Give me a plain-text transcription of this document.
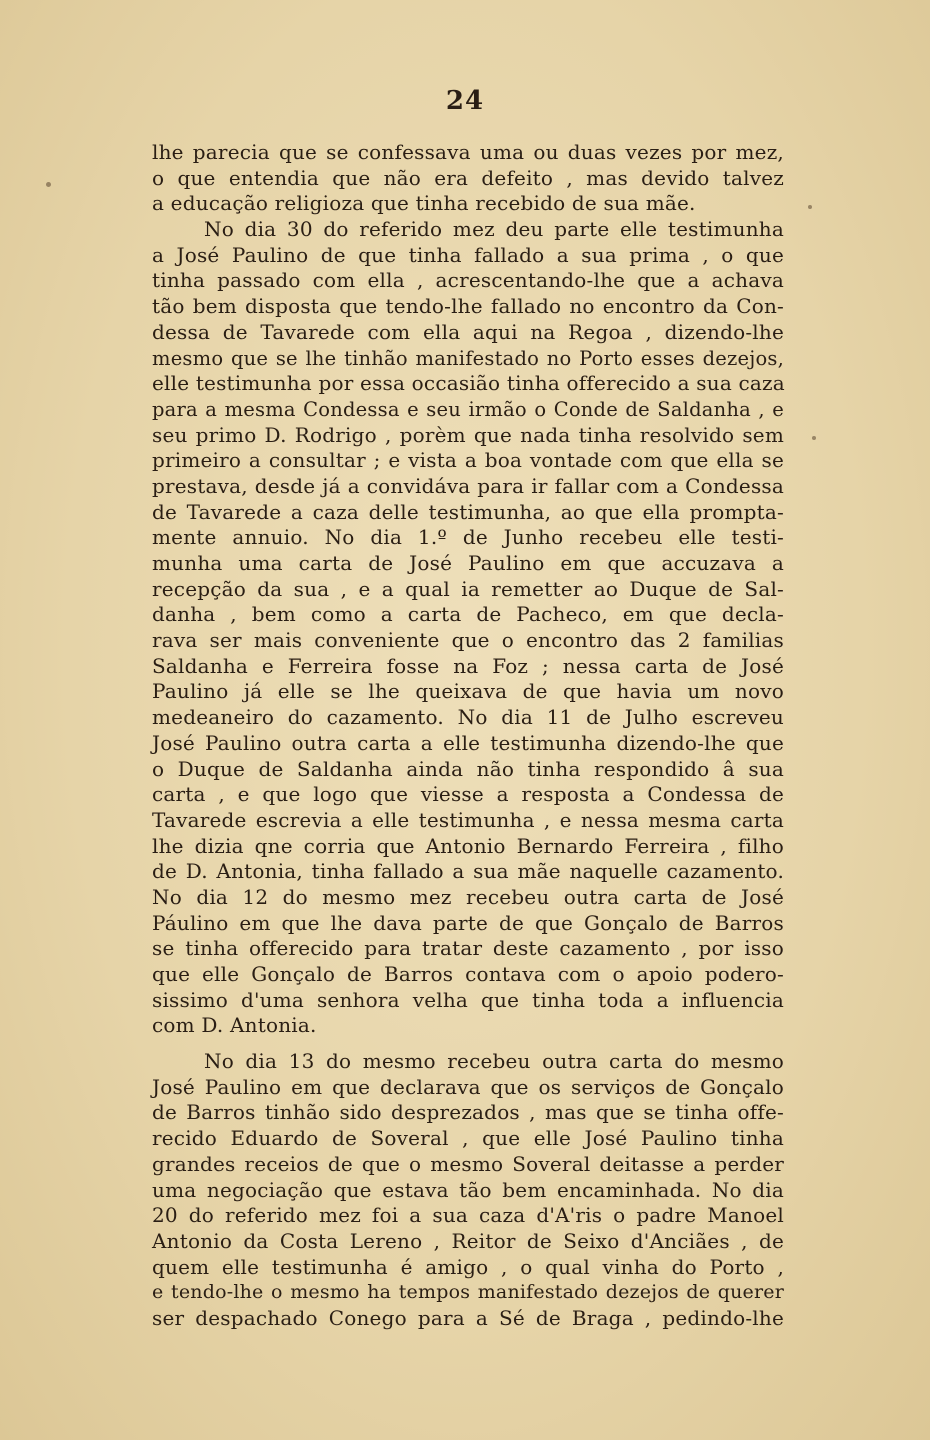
24
lhe parecia que se confessava uma ou duas vezes por mez,
o que entendia que não era defeito , mas devido talvez
a educação religioza que tinha recebido de sua mãe.
No dia 30 do referido mez deu parte elle testimunha
a José Paulino de que tinha fallado a sua prima , o que
tinha passado com ella , acrescentando-lhe que a achava
tão bem disposta que tendo-lhe fallado no encontro da Con-
dessa de Tavarede com ella aqui na Regoa , dizendo-lhe
mesmo que se lhe tinhão manifestado no Porto esses dezejos,
elle testimunha por essa occasião tinha offerecido a sua caza
para a mesma Condessa e seu irmão o Conde de Saldanha , e
seu primo D. Rodrigo , porèm que nada tinha resolvido sem
primeiro a consultar ; e vista a boa vontade com que ella se
prestava, desde já a convidáva para ir fallar com a Condessa
de Tavarede a caza delle testimunha, ao que ella prompta-
mente annuio. No dia 1.º de Junho recebeu elle testi-
munha uma carta de José Paulino em que accuzava a
recepção da sua , e a qual ia remetter ao Duque de Sal-
danha , bem como a carta de Pacheco, em que decla-
rava ser mais conveniente que o encontro das 2 familias
Saldanha e Ferreira fosse na Foz ; nessa carta de José
Paulino já elle se lhe queixava de que havia um novo
medeaneiro do cazamento. No dia 11 de Julho escreveu
José Paulino outra carta a elle testimunha dizendo-lhe que
o Duque de Saldanha ainda não tinha respondido â sua
carta , e que logo que viesse a resposta a Condessa de
Tavarede escrevia a elle testimunha , e nessa mesma carta
lhe dizia qne corria que Antonio Bernardo Ferreira , filho
de D. Antonia, tinha fallado a sua mãe naquelle cazamento.
No dia 12 do mesmo mez recebeu outra carta de José
Páulino em que lhe dava parte de que Gonçalo de Barros
se tinha offerecido para tratar deste cazamento , por isso
que elle Gonçalo de Barros contava com o apoio podero-
sissimo d'uma senhora velha que tinha toda a influencia
com D. Antonia.
No dia 13 do mesmo recebeu outra carta do mesmo
José Paulino em que declarava que os serviços de Gonçalo
de Barros tinhão sido desprezados , mas que se tinha offe-
recido Eduardo de Soveral , que elle José Paulino tinha
grandes receios de que o mesmo Soveral deitasse a perder
uma negociação que estava tão bem encaminhada. No dia
20 do referido mez foi a sua caza d'A'ris o padre Manoel
Antonio da Costa Lereno , Reitor de Seixo d'Anciães , de
quem elle testimunha é amigo , o qual vinha do Porto ,
e tendo-lhe o mesmo ha tempos manifestado dezejos de querer
ser despachado Conego para a Sé de Braga , pedindo-lhe
